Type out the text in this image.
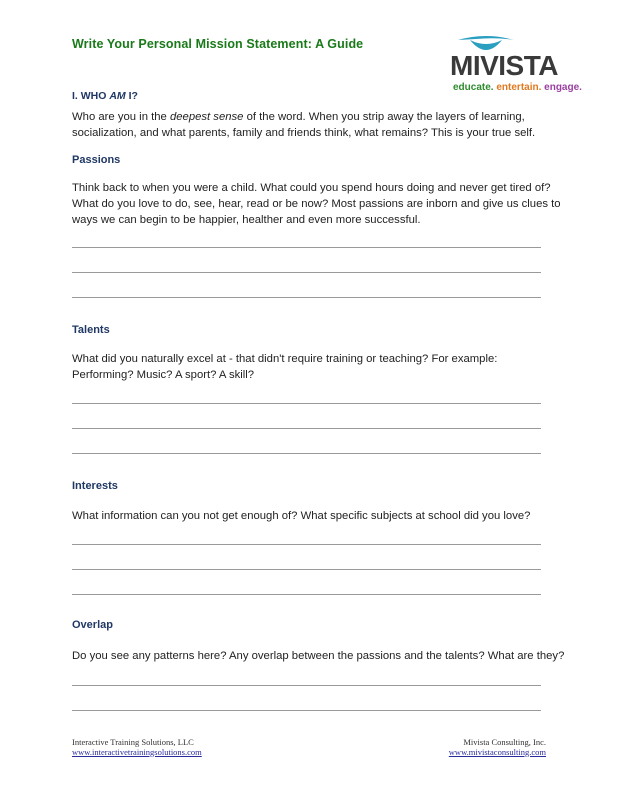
Write Your Personal Mission Statement: A Guide
MIVISTA
educate. entertain. engage.
I. WHO AM I?
Who are you in the deepest sense of the word. When you strip away the layers of learning, socialization, and what parents, family and friends think, what remains? This is your true self.
Passions
Think back to when you were a child. What could you spend hours doing and never get tired of? What do you love to do, see, hear, read or be now? Most passions are inborn and give us clues to ways we can begin to be happier, healther and even more successful.
Talents
What did you naturally excel at - that didn't require training or teaching? For example: Performing? Music? A sport? A skill?
Interests
What information can you not get enough of? What specific subjects at school did you love?
Overlap
Do you see any patterns here? Any overlap between the passions and the talents? What are they?
Interactive Training Solutions, LLC
www.interactivetrainingsolutions.com
Mivista Consulting, Inc.
www.mivistaconsulting.com
